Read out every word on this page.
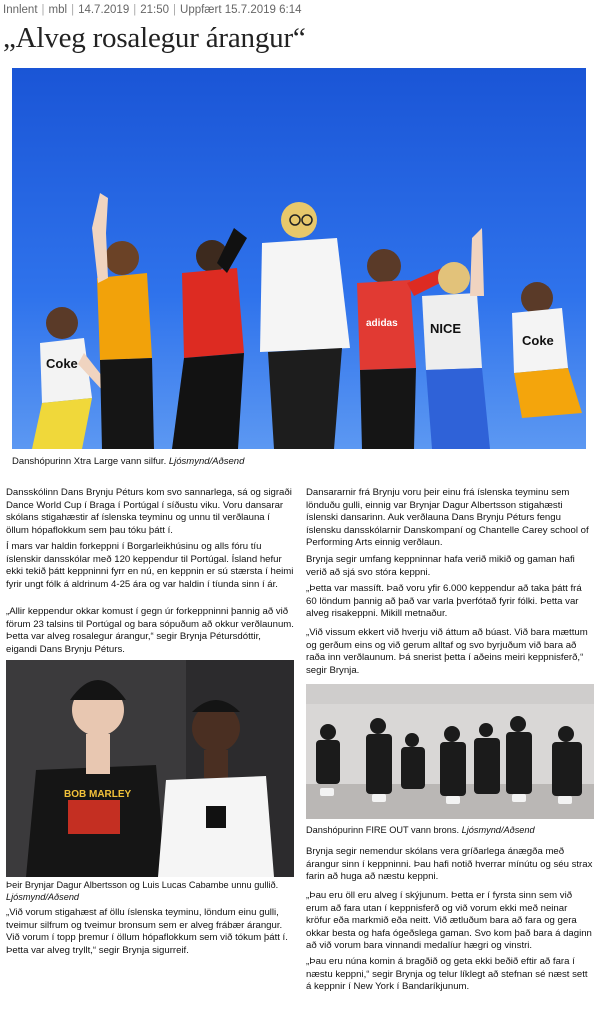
Innlent | mbl | 14.7.2019 | 21:50 | Uppfært 15.7.2019 6:14
„Alveg rosalegur árangur“
Coke
Coke
NICE
adidas
Danshópurinn Xtra Large vann silfur. Ljósmynd/Aðsend

Dansskólinn Dans Brynju Péturs kom svo sannarlega, sá og sigraði Dance World Cup í Braga í Portúgal í síðustu viku. Voru dansarar skólans stigahæstir af íslenska teyminu og unnu til verðlauna í öllum hópaflokkum sem þau tóku þátt í.

Í mars var haldin forkeppni í Borgarleikhúsinu og alls fóru tíu íslenskir dansskólar með 120 keppendur til Portúgal. Ísland hefur ekki tekið þátt keppninni fyrr en nú, en keppnin er sú stærsta í heimi fyrir ungt fólk á aldrinum 4-25 ára og var haldin í tíunda sinn í ár.

„Allir keppendur okkar komust í gegn úr forkeppninni þannig að við förum 23 talsins til Portúgal og bara sópuðum að okkur verðlaunum. Þetta var alveg rosalegur árangur,“ segir Brynja Pétursdóttir, eigandi Dans Brynju Péturs.

BOB MARLEY
Þeir Brynjar Dagur Albertsson og Luis Lucas Cabambe unnu gullið. Ljósmynd/Aðsend

„Við vorum stigahæst af öllu íslenska teyminu, löndum einu gulli, tveimur silfrum og tveimur bronsum sem er alveg frábær árangur. Við vorum í topp þremur í öllum hópaflokkum sem við tókum þátt í. Þetta var alveg tryllt,“ segir Brynja sigurreif.

Dansararnir frá Brynju voru þeir einu frá íslenska teyminu sem lönduðu gulli, einnig var Brynjar Dagur Albertsson stigahæsti íslenski dansarinn. Auk verðlauna Dans Brynju Péturs fengu íslensku dansskólarnir Danskompaní og Chantelle Carey school of Performing Arts einnig verðlaun.

Brynja segir umfang keppninnar hafa verið mikið og gaman hafi verið að sjá svo stóra keppni.

„Þetta var massíft. Það voru yfir 6.000 keppendur að taka þátt frá 60 löndum þannig að það var varla þverfótað fyrir fólki. Þetta var alveg risakeppni. Mikill metnaður.

„Við vissum ekkert við hverju við áttum að búast. Við bara mættum og gerðum eins og við gerum alltaf og svo byrjuðum við bara að raða inn verðlaunum. Þá snerist þetta í aðeins meiri keppnisferð,“ segir Brynja.

Danshópurinn FIRE OUT vann brons. Ljósmynd/Aðsend

Brynja segir nemendur skólans vera gríðarlega ánægða með árangur sinn í keppninni. Þau hafi notið hverrar mínútu og séu strax farin að huga að næstu keppni.

„Þau eru öll eru alveg í skýjunum. Þetta er í fyrsta sinn sem við erum að fara utan í keppnisferð og við vorum ekki með neinar kröfur eða markmið eða neitt. Við ætluðum bara að fara og gera okkar besta og hafa ógeðslega gaman. Svo kom það bara á daginn að við vorum bara vinnandi medalíur hægri og vinstri.

„Þau eru núna komin á bragðið og geta ekki beðið eftir að fara í næstu keppni,“ segir Brynja og telur líklegt að stefnan sé næst sett á keppnir í New York í Bandaríkjunum.
